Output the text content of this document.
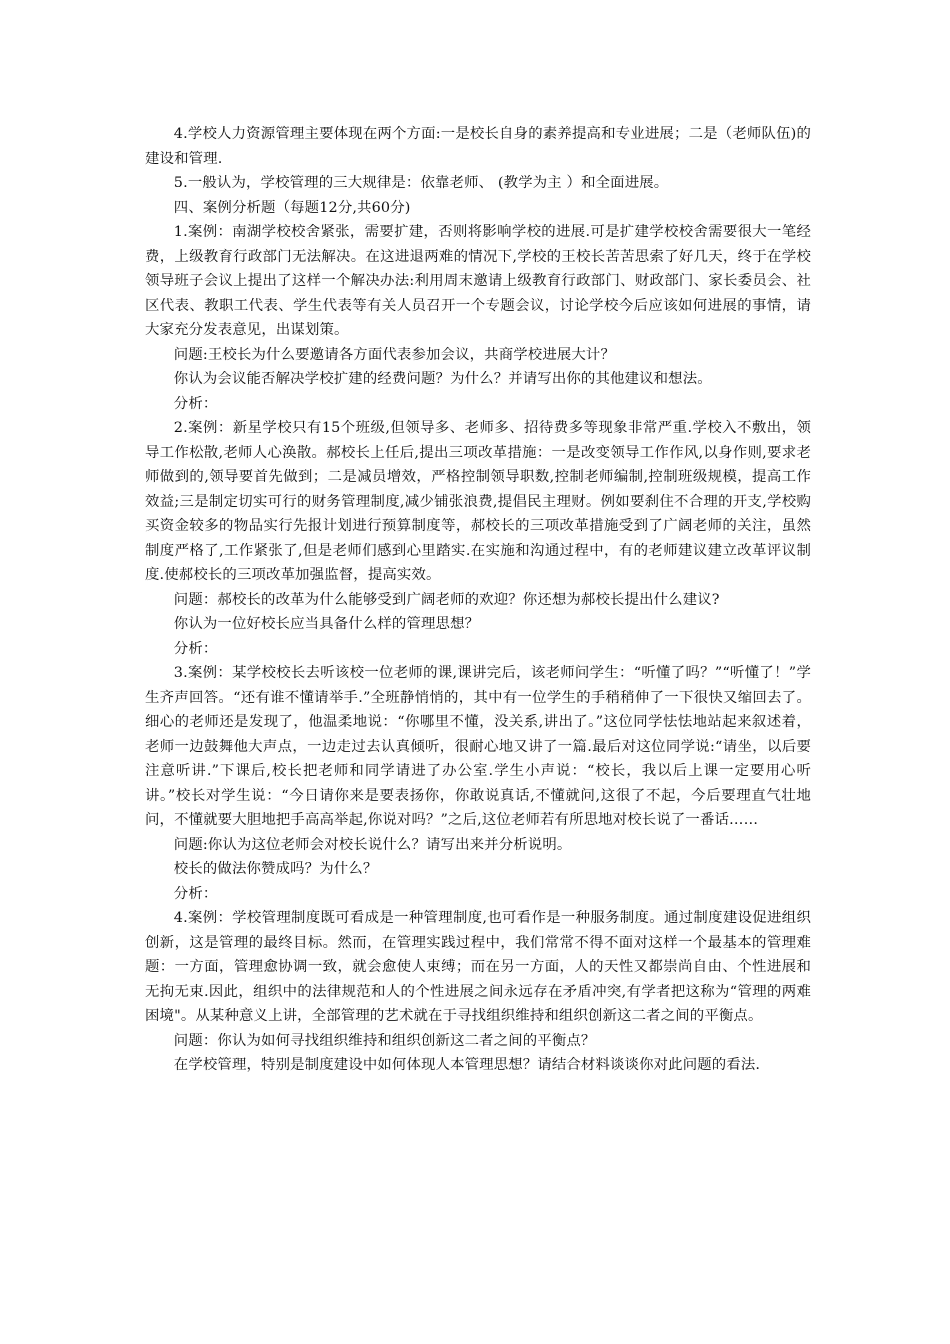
4.学校人力资源管理主要体现在两个方面:一是校长自身的素养提高和专业进展；二是（老师队伍)的建设和管理.

5.一般认为，学校管理的三大规律是：依靠老师、 (教学为主 ）和全面进展。

四、案例分析题（每题12分,共60分)

1.案例：南湖学校校舍紧张，需要扩建，否则将影响学校的进展.可是扩建学校校舍需要很大一笔经费，上级教育行政部门无法解决。在这进退两难的情况下,学校的王校长苦苦思索了好几天，终于在学校领导班子会议上提出了这样一个解决办法:利用周末邀请上级教育行政部门、财政部门、家长委员会、社区代表、教职工代表、学生代表等有关人员召开一个专题会议，讨论学校今后应该如何进展的事情，请大家充分发表意见，出谋划策。

问题:王校长为什么要邀请各方面代表参加会议，共商学校进展大计？

你认为会议能否解决学校扩建的经费问题？为什么？并请写出你的其他建议和想法。

分析：

2.案例：新星学校只有15个班级,但领导多、老师多、招待费多等现象非常严重.学校入不敷出，领导工作松散,老师人心涣散。郝校长上任后,提出三项改革措施：一是改变领导工作作风,以身作则,要求老师做到的,领导要首先做到；二是减员增效，严格控制领导职数,控制老师编制,控制班级规模，提高工作效益;三是制定切实可行的财务管理制度,减少铺张浪费,提倡民主理财。例如要刹住不合理的开支,学校购买资金较多的物品实行先报计划进行预算制度等，郝校长的三项改革措施受到了广阔老师的关注，虽然制度严格了,工作紧张了,但是老师们感到心里踏实.在实施和沟通过程中，有的老师建议建立改革评议制度.使郝校长的三项改革加强监督，提高实效。

问题：郝校长的改革为什么能够受到广阔老师的欢迎？你还想为郝校长提出什么建议?

你认为一位好校长应当具备什么样的管理思想？

分析：

3.案例：某学校校长去听该校一位老师的课,课讲完后，该老师问学生：“听懂了吗？”“听懂了！”学生齐声回答。“还有谁不懂请举手.”全班静悄悄的，其中有一位学生的手稍稍伸了一下很快又缩回去了。细心的老师还是发现了，他温柔地说：“你哪里不懂，没关系,讲出了。”这位同学怯怯地站起来叙述着，老师一边鼓舞他大声点，一边走过去认真倾听，很耐心地又讲了一篇.最后对这位同学说:“请坐，以后要注意听讲.”下课后,校长把老师和同学请进了办公室.学生小声说：“校长，我以后上课一定要用心听讲。”校长对学生说：“今日请你来是要表扬你，你敢说真话,不懂就问,这很了不起，今后要理直气壮地问，不懂就要大胆地把手高高举起,你说对吗？”之后,这位老师若有所思地对校长说了一番话……

问题:你认为这位老师会对校长说什么？请写出来并分析说明。

校长的做法你赞成吗？为什么？

分析：

4.案例：学校管理制度既可看成是一种管理制度,也可看作是一种服务制度。通过制度建设促进组织创新，这是管理的最终目标。然而，在管理实践过程中，我们常常不得不面对这样一个最基本的管理难题：一方面，管理愈协调一致，就会愈使人束缚；而在另一方面，人的天性又都崇尚自由、个性进展和无拘无束.因此，组织中的法律规范和人的个性进展之间永远存在矛盾冲突,有学者把这称为“管理的两难困境"。从某种意义上讲，全部管理的艺术就在于寻找组织维持和组织创新这二者之间的平衡点。

问题：你认为如何寻找组织维持和组织创新这二者之间的平衡点？

在学校管理，特别是制度建设中如何体现人本管理思想？请结合材料谈谈你对此问题的看法.
